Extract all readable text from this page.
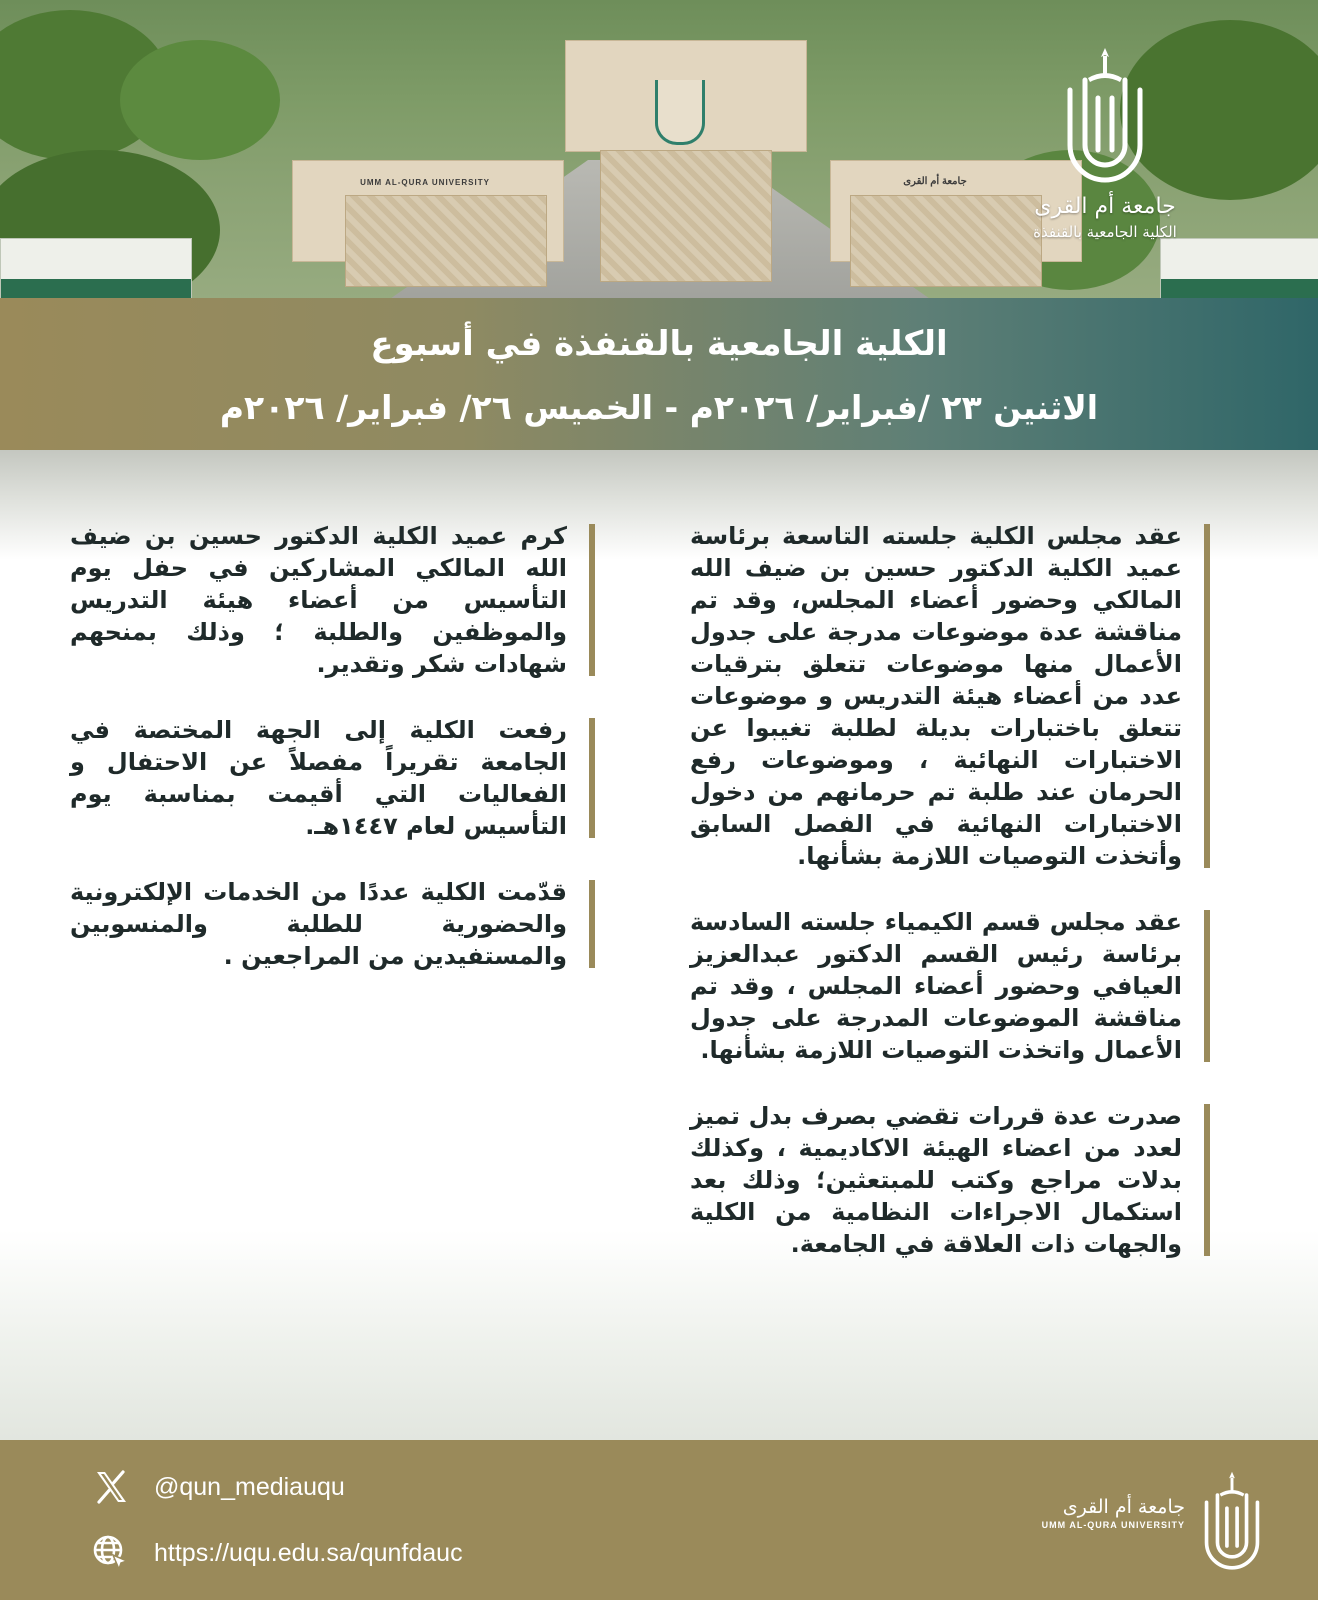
UMM AL-QURA UNIVERSITY	جامعة أم القرى
جامعة أم القرى
الكلية الجامعية بالقنفذة
الكلية الجامعية بالقنفذة في أسبوع
الاثنين ٢٣ /فبراير/ ٢٠٢٦م - الخميس ٢٦/ فبراير/ ٢٠٢٦م

عقد مجلس الكلية جلسته التاسعة برئاسة عميد الكلية الدكتور حسين بن ضيف الله المالكي وحضور أعضاء المجلس، وقد تم مناقشة عدة موضوعات مدرجة على جدول الأعمال منها موضوعات تتعلق بترقيات عدد من أعضاء هيئة التدريس و موضوعات تتعلق باختبارات بديلة لطلبة تغيبوا عن الاختبارات النهائية ، وموضوعات رفع الحرمان عند طلبة تم حرمانهم من دخول الاختبارات النهائية في الفصل السابق وأتخذت التوصيات اللازمة بشأنها.

عقد مجلس قسم الكيمياء جلسته السادسة برئاسة رئيس القسم الدكتور عبدالعزيز العيافي وحضور أعضاء المجلس ، وقد تم مناقشة الموضوعات المدرجة على جدول الأعمال واتخذت التوصيات اللازمة بشأنها.

صدرت عدة قررات تقضي بصرف بدل تميز لعدد من اعضاء الهيئة الاكاديمية ، وكذلك بدلات مراجع وكتب للمبتعثين؛ وذلك بعد استكمال الاجراءات النظامية من الكلية والجهات ذات العلاقة في الجامعة.

كرم عميد الكلية الدكتور حسين بن ضيف الله المالكي المشاركين في حفل يوم التأسيس من أعضاء هيئة التدريس والموظفين والطلبة ؛ وذلك بمنحهم شهادات شكر وتقدير.

رفعت الكلية إلى الجهة المختصة في الجامعة تقريراً مفصلاً عن الاحتفال و الفعاليات التي أقيمت بمناسبة يوم التأسيس لعام ١٤٤٧هـ.

قدّمت الكلية عددًا من الخدمات الإلكترونية والحضورية للطلبة والمنسوبين والمستفيدين من المراجعين .

@qun_mediauqu
https://uqu.edu.sa/qunfdauc
جامعة أم القرى
UMM AL-QURA UNIVERSITY
